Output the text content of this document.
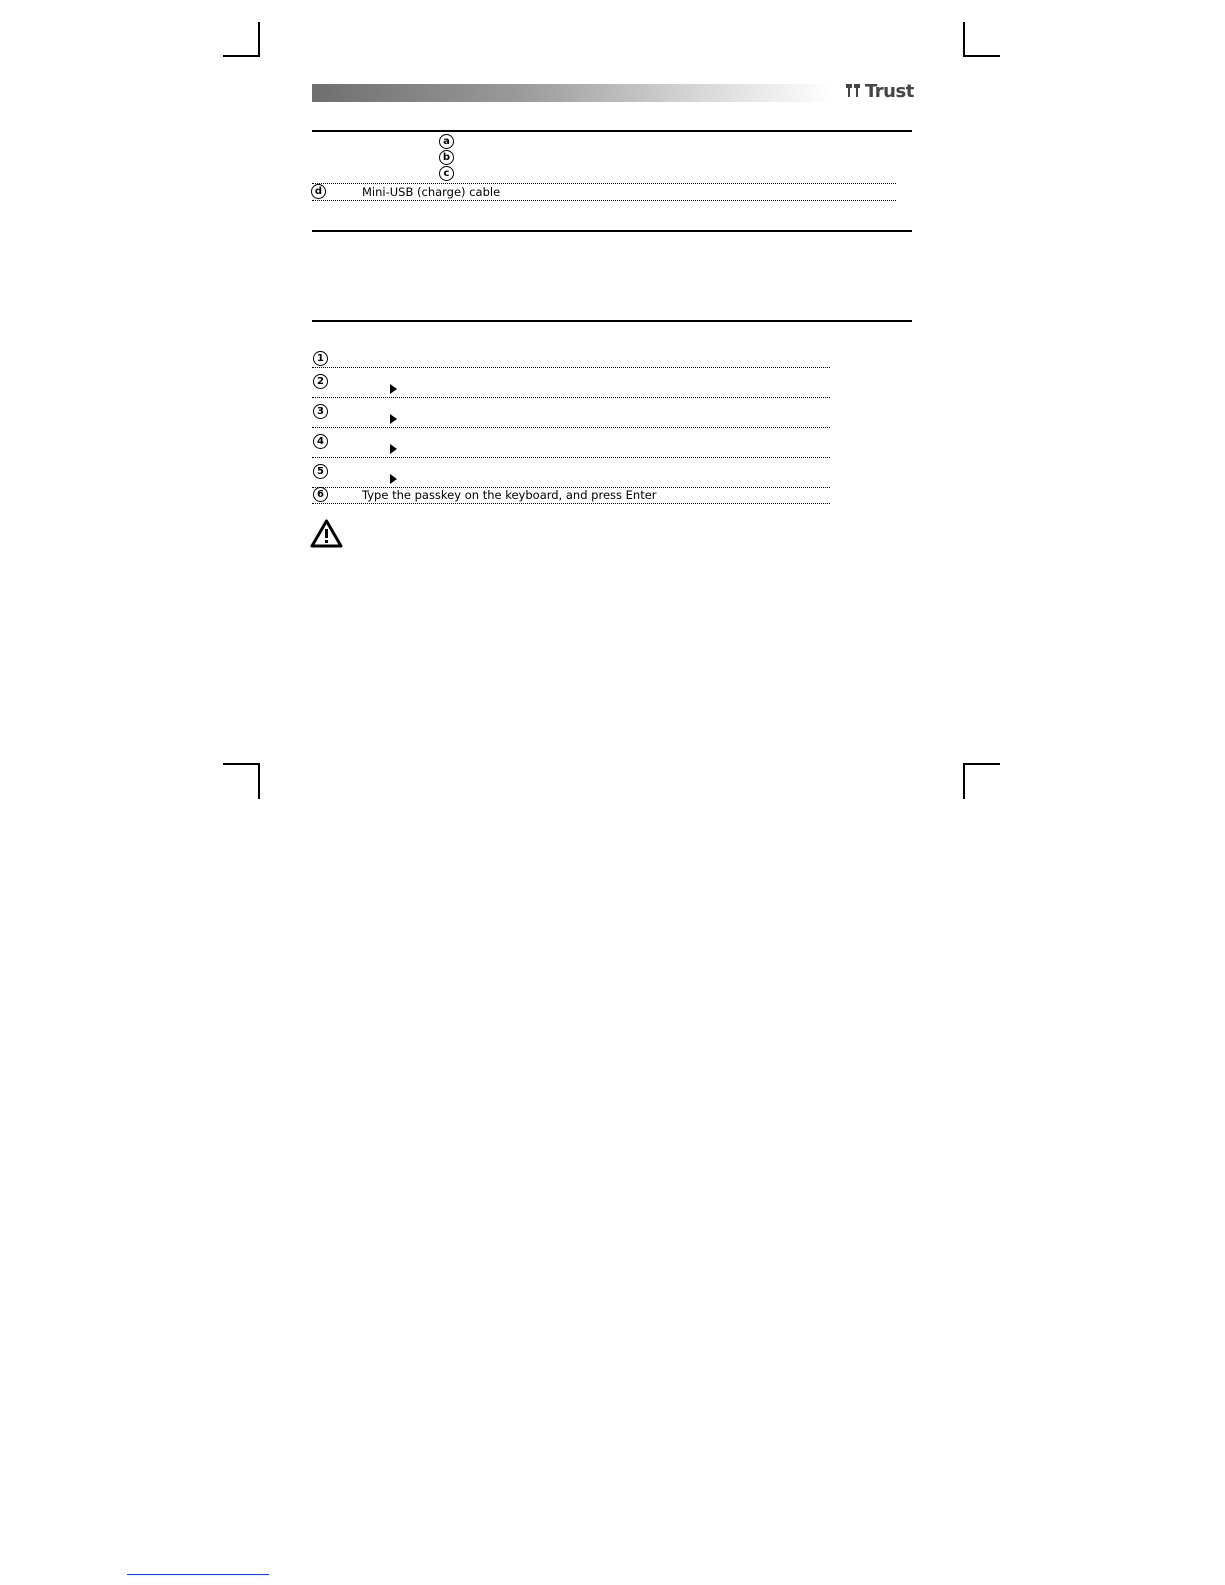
Trust
a
b
c
d	Mini-USB (charge) cable
1
2
3
4
5
6	Type the passkey on the keyboard, and press Enter
